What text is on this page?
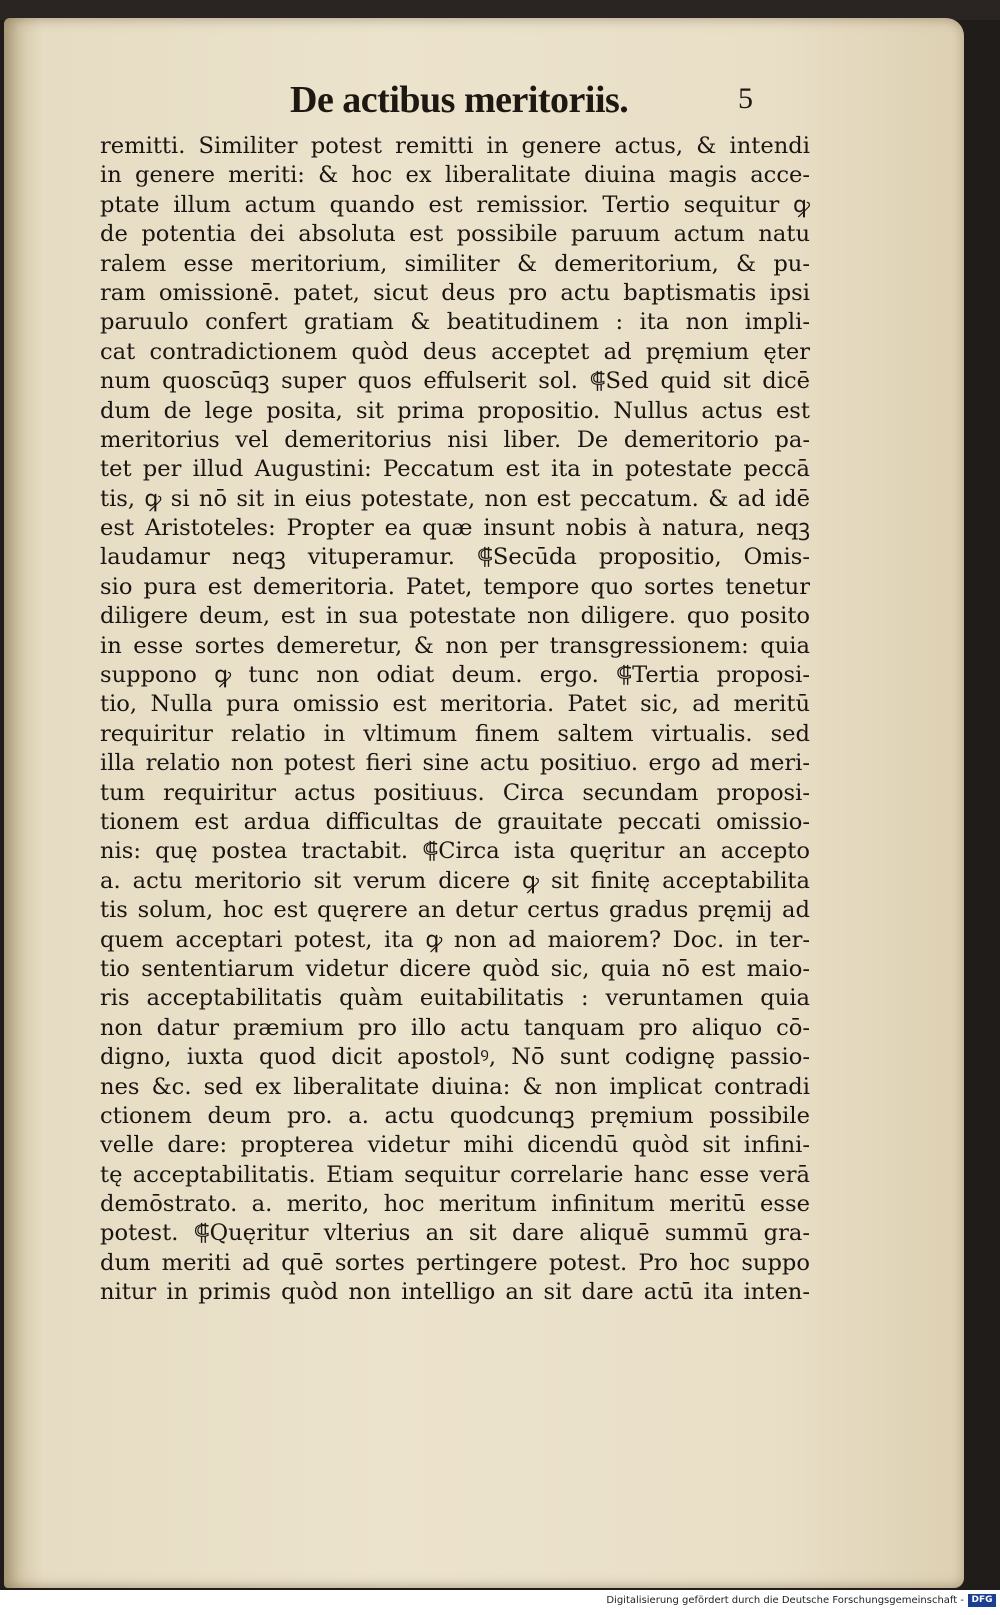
De actibus meritoriis.	5
remitti. Similiter potest remitti in genere actus, & intendi
in genere meriti: & hoc ex liberalitate diuina magis acce-
ptate illum actum quando est remissior. Tertio sequitur ꝙ
de potentia dei absoluta est possibile paruum actum natu
ralem esse meritorium, similiter & demeritorium, & pu-
ram omissionē. patet, sicut deus pro actu baptismatis ipsi
paruulo confert gratiam & beatitudinem : ita non impli-
cat contradictionem quòd deus acceptet ad pręmium ęter
num quoscūqꝫ super quos effulserit sol. ⸿Sed quid sit dicē
dum de lege posita, sit prima propositio. Nullus actus est
meritorius vel demeritorius nisi liber. De demeritorio pa-
tet per illud Augustini: Peccatum est ita in potestate peccā
tis, ꝙ si nō sit in eius potestate, non est peccatum. & ad idē
est Aristoteles: Propter ea quæ insunt nobis à natura, neqꝫ
laudamur neqꝫ vituperamur. ⸿Secūda propositio, Omis-
sio pura est demeritoria. Patet, tempore quo sortes tenetur
diligere deum, est in sua potestate non diligere. quo posito
in esse sortes demeretur, & non per transgressionem: quia
suppono ꝙ tunc non odiat deum. ergo. ⸿Tertia proposi-
tio, Nulla pura omissio est meritoria. Patet sic, ad meritū
requiritur relatio in vltimum finem saltem virtualis. sed
illa relatio non potest fieri sine actu positiuo. ergo ad meri-
tum requiritur actus positiuus. Circa secundam proposi-
tionem est ardua difficultas de grauitate peccati omissio-
nis: quę postea tractabit. ⸿Circa ista quęritur an accepto
a. actu meritorio sit verum dicere ꝙ sit finitę acceptabilita
tis solum, hoc est quęrere an detur certus gradus pręmij ad
quem acceptari potest, ita ꝙ non ad maiorem? Doc. in ter-
tio sententiarum videtur dicere quòd sic, quia nō est maio-
ris acceptabilitatis quàm euitabilitatis : veruntamen quia
non datur præmium pro illo actu tanquam pro aliquo cō-
digno, iuxta quod dicit apostolꝰ, Nō sunt codignę passio-
nes &c. sed ex liberalitate diuina: & non implicat contradi
ctionem deum pro. a. actu quodcunqꝫ pręmium possibile
velle dare: propterea videtur mihi dicendū quòd sit infini-
tę acceptabilitatis. Etiam sequitur correlarie hanc esse verā
demōstrato. a. merito, hoc meritum infinitum meritū esse
potest. ⸿Quęritur vlterius an sit dare aliquē summū gra-
dum meriti ad quē sortes pertingere potest. Pro hoc suppo
nitur in primis quòd non intelligo an sit dare actū ita inten-
Digitalisierung gefördert durch die Deutsche Forschungsgemeinschaft - DFG
